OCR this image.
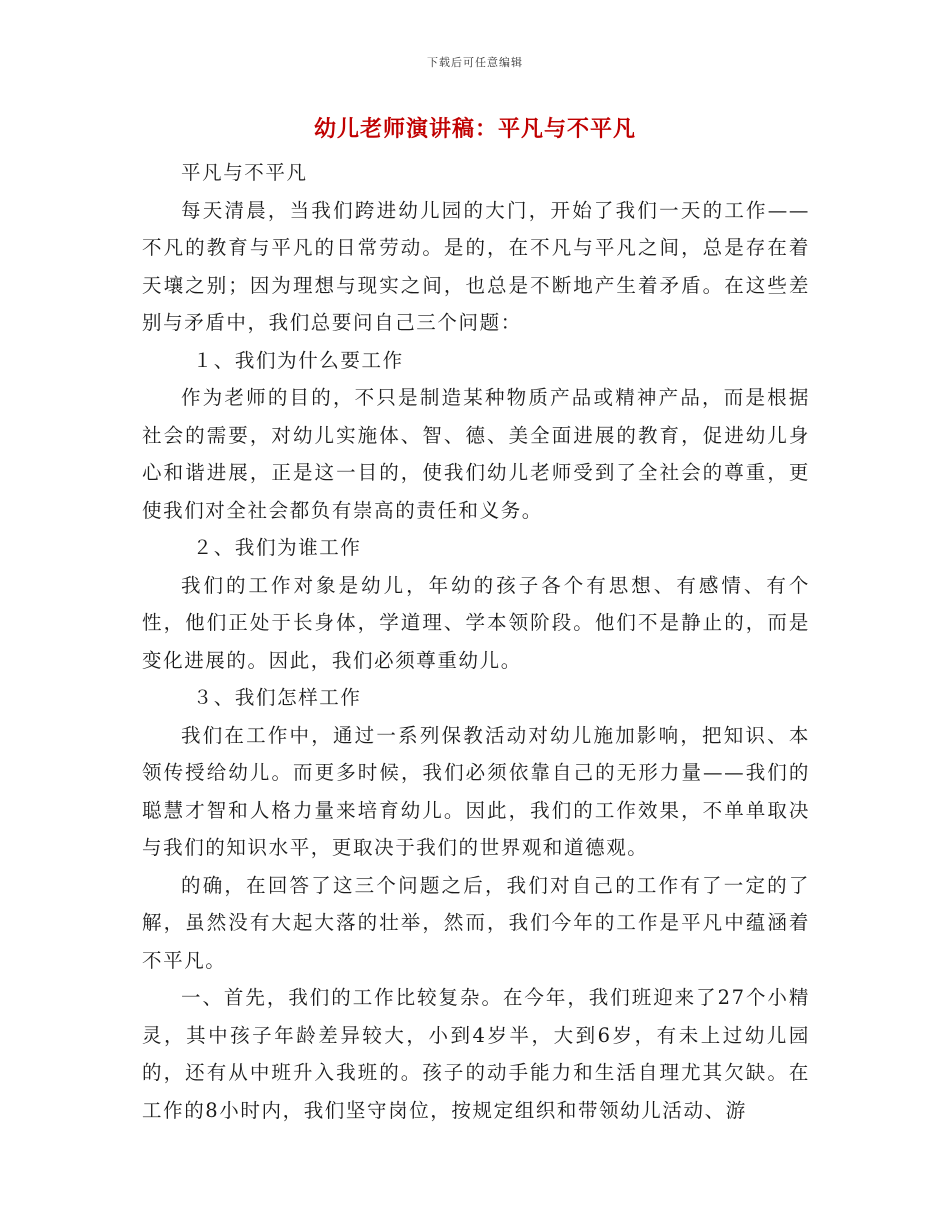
下载后可任意编辑
幼儿老师演讲稿：平凡与不平凡

平凡与不平凡

每天清晨，当我们跨进幼儿园的大门，开始了我们一天的工作——不凡的教育与平凡的日常劳动。是的，在不凡与平凡之间，总是存在着天壤之别；因为理想与现实之间，也总是不断地产生着矛盾。在这些差别与矛盾中，我们总要问自己三个问题：

１、我们为什么要工作

作为老师的目的，不只是制造某种物质产品或精神产品，而是根据社会的需要，对幼儿实施体、智、德、美全面进展的教育，促进幼儿身心和谐进展，正是这一目的，使我们幼儿老师受到了全社会的尊重，更使我们对全社会都负有崇高的责任和义务。

２、我们为谁工作

我们的工作对象是幼儿，年幼的孩子各个有思想、有感情、有个性，他们正处于长身体，学道理、学本领阶段。他们不是静止的，而是变化进展的。因此，我们必须尊重幼儿。

３、我们怎样工作

我们在工作中，通过一系列保教活动对幼儿施加影响，把知识、本领传授给幼儿。而更多时候，我们必须依靠自己的无形力量——我们的聪慧才智和人格力量来培育幼儿。因此，我们的工作效果，不单单取决与我们的知识水平，更取决于我们的世界观和道德观。

的确，在回答了这三个问题之后，我们对自己的工作有了一定的了解，虽然没有大起大落的壮举，然而，我们今年的工作是平凡中蕴涵着不平凡。

一、首先，我们的工作比较复杂。在今年，我们班迎来了27个小精灵，其中孩子年龄差异较大，小到4岁半，大到6岁，有未上过幼儿园的，还有从中班升入我班的。孩子的动手能力和生活自理尤其欠缺。在工作的8小时内，我们坚守岗位，按规定组织和带领幼儿活动、游
